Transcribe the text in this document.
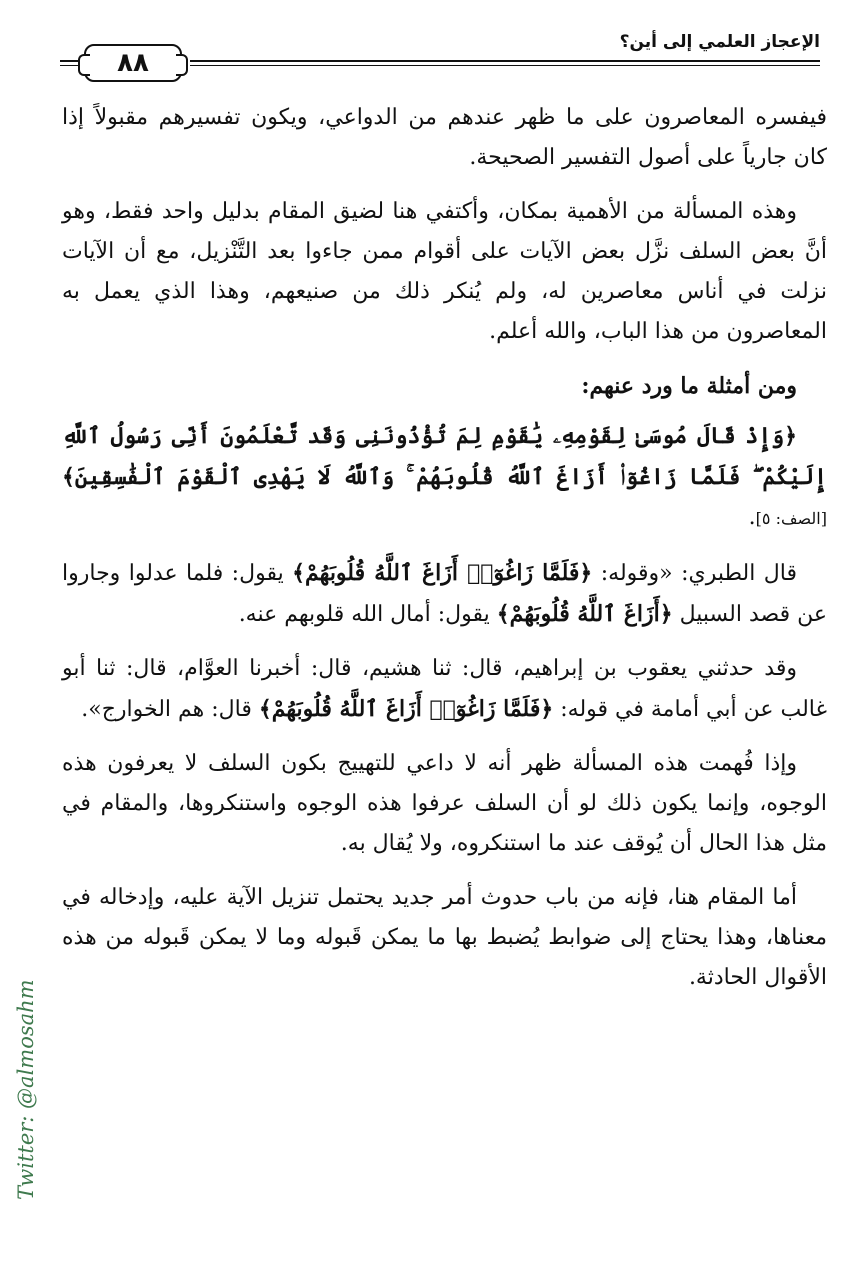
الإعجاز العلمي إلى أين؟
٨٨

فيفسره المعاصرون على ما ظهر عندهم من الدواعي، ويكون تفسيرهم مقبولاً إذا كان جارياً على أصول التفسير الصحيحة.

وهذه المسألة من الأهمية بمكان، وأكتفي هنا لضيق المقام بدليل واحد فقط، وهو أنَّ بعض السلف نزَّل بعض الآيات على أقوام ممن جاءوا بعد التَّنْزيل، مع أن الآيات نزلت في أناس معاصرين له، ولم يُنكر ذلك من صنيعهم، وهذا الذي يعمل به المعاصرون من هذا الباب، والله أعلم.

ومن أمثلة ما ورد عنهم:

﴿وَإِذْ قَالَ مُوسَىٰ لِقَوْمِهِۦ يَٰقَوْمِ لِمَ تُؤْذُونَنِى وَقَد تَّعْلَمُونَ أَنِّى رَسُولُ ٱللَّهِ إِلَيْكُمْ ۖ فَلَمَّا زَاغُوٓا۟ أَزَاغَ ٱللَّهُ قُلُوبَهُمْ ۚ وَٱللَّهُ لَا يَهْدِى ٱلْقَوْمَ ٱلْفَٰسِقِينَ﴾ [الصف: ٥].

قال الطبري: «وقوله: ﴿فَلَمَّا زَاغُوٓا۟ أَزَاغَ ٱللَّهُ قُلُوبَهُمْ﴾ يقول: فلما عدلوا وجاروا عن قصد السبيل ﴿أَزَاغَ ٱللَّهُ قُلُوبَهُمْ﴾ يقول: أمال الله قلوبهم عنه.

وقد حدثني يعقوب بن إبراهيم، قال: ثنا هشيم، قال: أخبرنا العوَّام، قال: ثنا أبو غالب عن أبي أمامة في قوله: ﴿فَلَمَّا زَاغُوٓا۟ أَزَاغَ ٱللَّهُ قُلُوبَهُمْ﴾ قال: هم الخوارج».

وإذا فُهمت هذه المسألة ظهر أنه لا داعي للتهييج بكون السلف لا يعرفون هذه الوجوه، وإنما يكون ذلك لو أن السلف عرفوا هذه الوجوه واستنكروها، والمقام في مثل هذا الحال أن يُوقف عند ما استنكروه، ولا يُقال به.

أما المقام هنا، فإنه من باب حدوث أمر جديد يحتمل تنزيل الآية عليه، وإدخاله في معناها، وهذا يحتاج إلى ضوابط يُضبط بها ما يمكن قَبوله وما لا يمكن قَبوله من هذه الأقوال الحادثة.

Twitter: @almosahm
